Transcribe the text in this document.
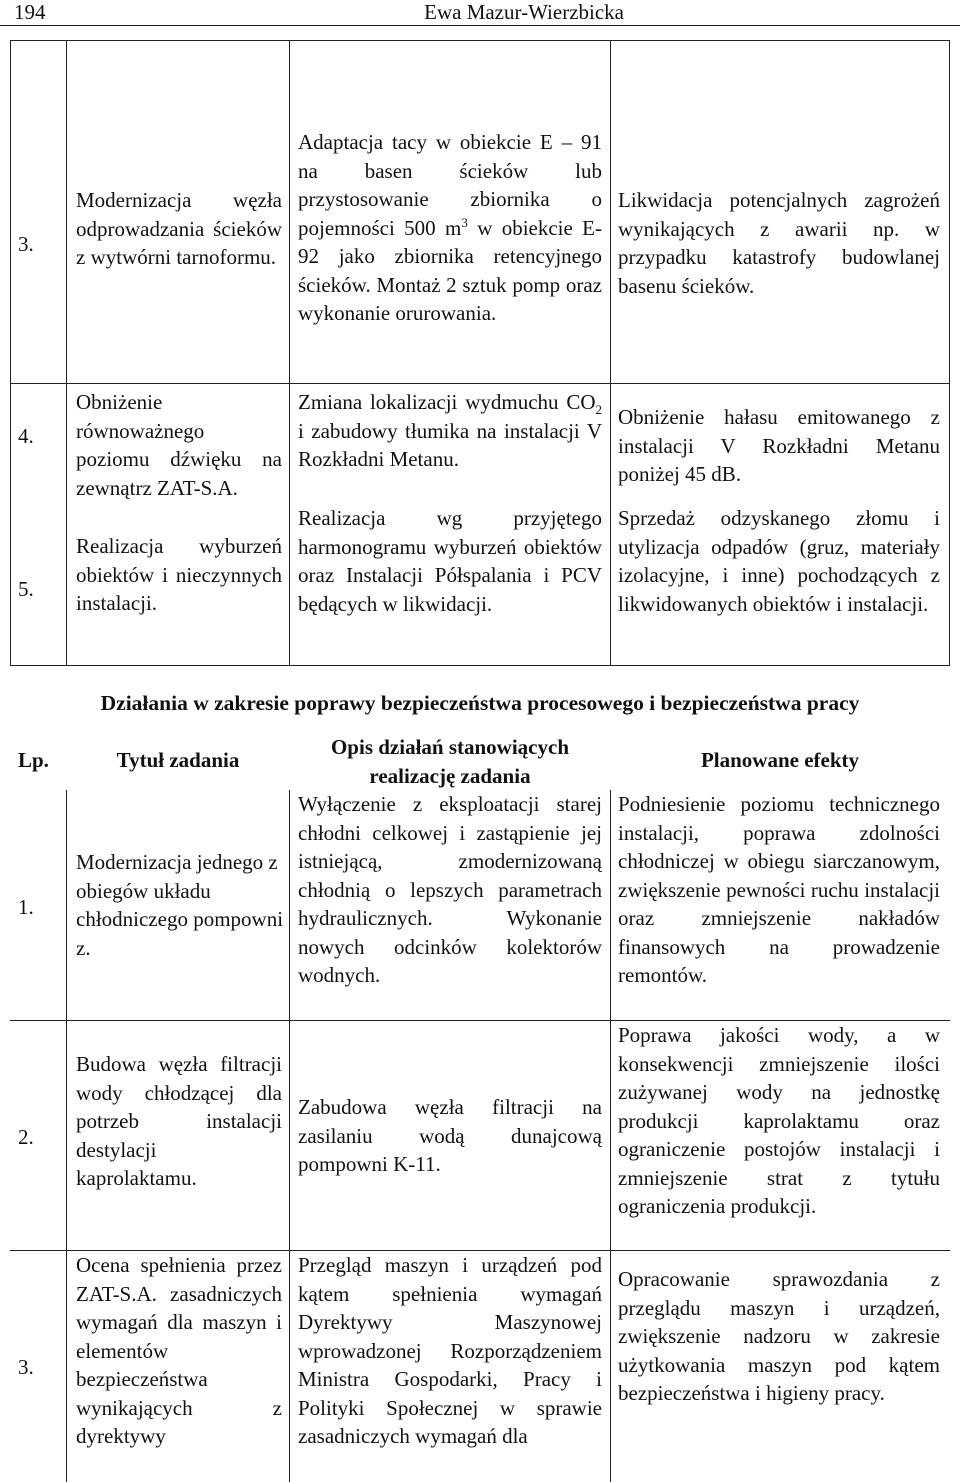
194	Ewa Mazur-Wierzbicka
3.
Modernizacja węzła odprowadzania ścieków z wytwórni tarnoformu.
Adaptacja tacy w obiekcie E – 91 na basen ścieków lub przystosowanie zbiornika o pojemności 500 $m^3$ w obiekcie E-92 jako zbiornika retencyjnego ścieków. Montaż 2 sztuk pomp oraz wykonanie orurowania.
Likwidacja potencjalnych zagrożeń wynikających z awarii np. w przypadku katastrofy budowlanej basenu ścieków.
4.
Obniżenie równoważnego poziomu dźwięku na zewnątrz ZAT-S.A.
Zmiana lokalizacji wydmuchu $CO_2$ i zabudowy tłumika na instalacji V Rozkładni Metanu.
Obniżenie hałasu emitowanego z instalacji V Rozkładni Metanu poniżej 45 dB.
5.
Realizacja wyburzeń obiektów i nieczynnych instalacji.
Realizacja wg przyjętego harmonogramu wyburzeń obiektów oraz Instalacji Półspalania i PCV będących w likwidacji.
Sprzedaż odzyskanego złomu i utylizacja odpadów (gruz, materiały izolacyjne, i inne) pochodzących z likwidowanych obiektów i instalacji.
Działania w zakresie poprawy bezpieczeństwa procesowego i bezpieczeństwa pracy
Lp.	Tytuł zadania
Opis działań stanowiących realizację zadania
Planowane efekty
1.
Modernizacja jednego z obiegów układu chłodniczego pompowni z.
Wyłączenie z eksploatacji starej chłodni celkowej i zastąpienie jej istniejącą, zmodernizowaną chłodnią o lepszych parametrach hydraulicznych. Wykonanie nowych odcinków kolektorów wodnych.
Podniesienie poziomu technicznego instalacji, poprawa zdolności chłodniczej w obiegu siarczanowym, zwiększenie pewności ruchu instalacji oraz zmniejszenie nakładów finansowych na prowadzenie remontów.
2.
Budowa węzła filtracji wody chłodzącej dla potrzeb instalacji destylacji kaprolaktamu.
Zabudowa węzła filtracji na zasilaniu wodą dunajcową pompowni K-11.
Poprawa jakości wody, a w konsekwencji zmniejszenie ilości zużywanej wody na jednostkę produkcji kaprolaktamu oraz ograniczenie postojów instalacji i zmniejszenie strat z tytułu ograniczenia produkcji.
3.
Ocena spełnienia przez ZAT-S.A. zasadniczych wymagań dla maszyn i elementów bezpieczeństwa wynikających z dyrektywy
Przegląd maszyn i urządzeń pod kątem spełnienia wymagań Dyrektywy Maszynowej wprowadzonej Rozporządzeniem Ministra Gospodarki, Pracy i Polityki Społecznej w sprawie zasadniczych wymagań dla
Opracowanie sprawozdania z przeglądu maszyn i urządzeń, zwiększenie nadzoru w zakresie użytkowania maszyn pod kątem bezpieczeństwa i higieny pracy.
